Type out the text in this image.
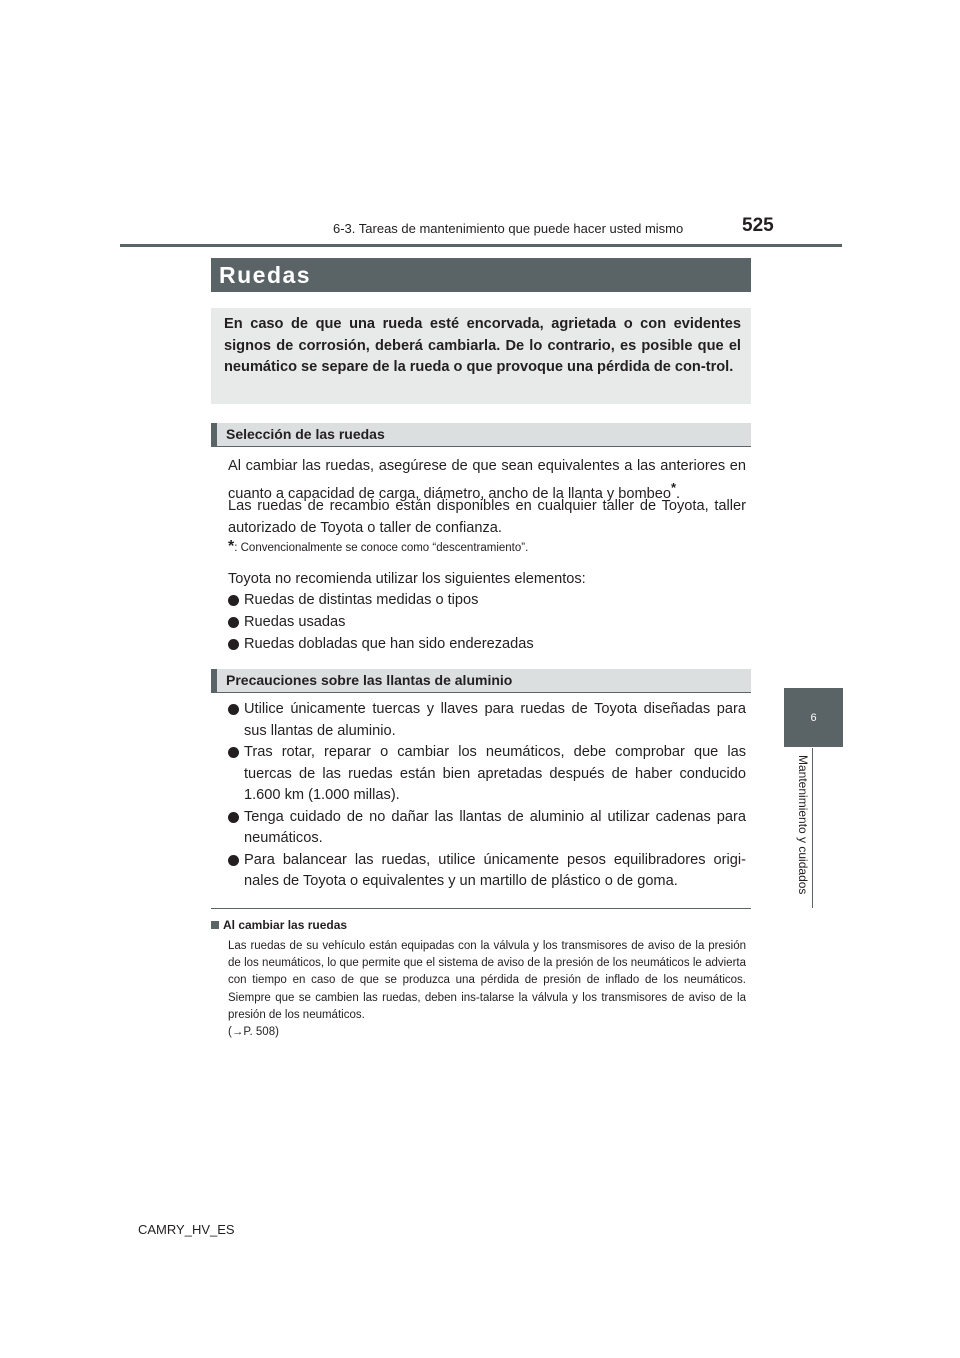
6-3. Tareas de mantenimiento que puede hacer usted mismo	525
6
Mantenimiento y cuidados
Ruedas
En caso de que una rueda esté encorvada, agrietada o con evidentes signos de corrosión, deberá cambiarla. De lo contrario, es posible que el neumático se separe de la rueda o que provoque una pérdida de con-trol.
Selección de las ruedas
Al cambiar las ruedas, asegúrese de que sean equivalentes a las anteriores en cuanto a capacidad de carga, diámetro, ancho de la llanta y bombeo*.
Las ruedas de recambio están disponibles en cualquier taller de Toyota, taller autorizado de Toyota o taller de confianza.
*: Convencionalmente se conoce como “descentramiento”.
Toyota no recomienda utilizar los siguientes elementos:
Ruedas de distintas medidas o tipos
Ruedas usadas
Ruedas dobladas que han sido enderezadas
Precauciones sobre las llantas de aluminio
Utilice únicamente tuercas y llaves para ruedas de Toyota diseñadas para sus llantas de aluminio.
Tras rotar, reparar o cambiar los neumáticos, debe comprobar que las tuercas de las ruedas están bien apretadas después de haber conducido 1.600 km (1.000 millas).
Tenga cuidado de no dañar las llantas de aluminio al utilizar cadenas para neumáticos.
Para balancear las ruedas, utilice únicamente pesos equilibradores origi-nales de Toyota o equivalentes y un martillo de plástico o de goma.
Al cambiar las ruedas
Las ruedas de su vehículo están equipadas con la válvula y los transmisores de aviso de la presión de los neumáticos, lo que permite que el sistema de aviso de la presión de los neumáticos le advierta con tiempo en caso de que se produzca una pérdida de presión de inflado de los neumáticos. Siempre que se cambien las ruedas, deben ins-talarse la válvula y los transmisores de aviso de la presión de los neumáticos.
(→P. 508)
CAMRY_HV_ES
